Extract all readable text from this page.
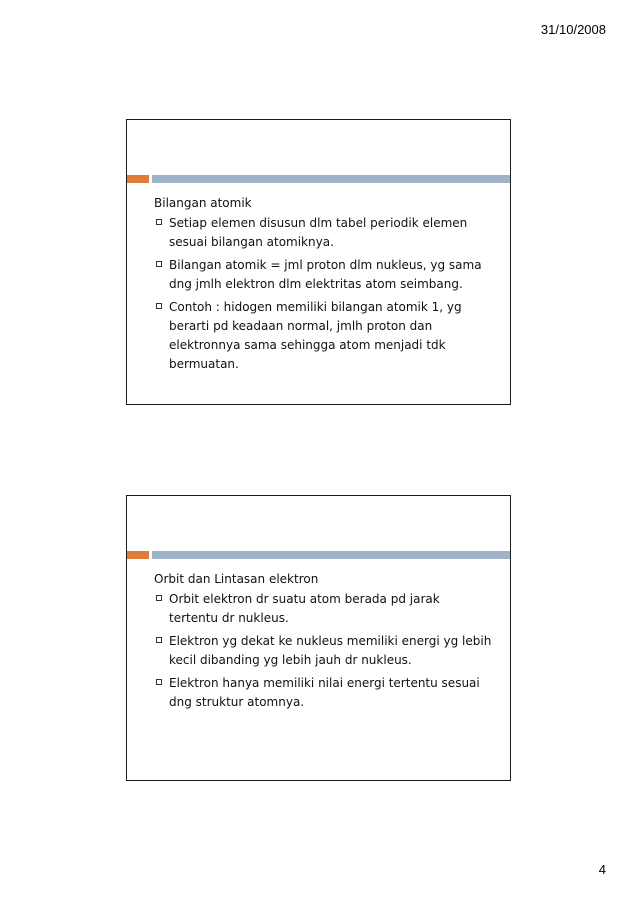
31/10/2008
Bilangan atomik
Setiap elemen disusun dlm tabel periodik elemen sesuai bilangan atomiknya.
Bilangan atomik = jml proton dlm nukleus, yg sama dng jmlh elektron dlm elektritas atom seimbang.
Contoh : hidogen memiliki bilangan atomik 1, yg berarti pd keadaan normal, jmlh proton dan elektronnya sama sehingga atom menjadi tdk bermuatan.
Orbit dan Lintasan elektron
Orbit elektron dr suatu atom berada pd jarak tertentu dr nukleus.
Elektron yg dekat ke nukleus memiliki energi yg lebih kecil dibanding yg lebih jauh dr nukleus.
Elektron hanya memiliki nilai energi tertentu sesuai dng struktur atomnya.
4
